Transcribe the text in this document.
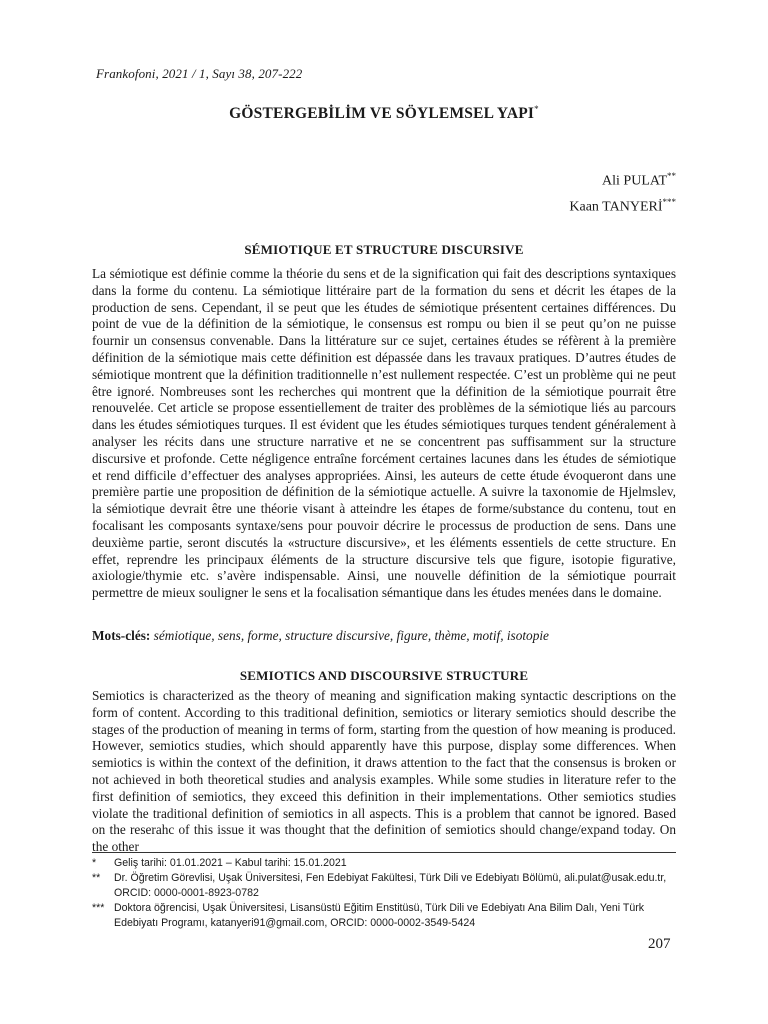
Frankofoni, 2021 / 1, Sayı 38, 207-222
GÖSTERGEBİLİM VE SÖYLEMSEL YAPI*
Ali PULAT**
Kaan TANYERİ***
SÉMIOTIQUE ET STRUCTURE DISCURSIVE

La sémiotique est définie comme la théorie du sens et de la signification qui fait des descriptions syntaxiques dans la forme du contenu. La sémiotique littéraire part de la formation du sens et décrit les étapes de la production de sens. Cependant, il se peut que les études de sémiotique présentent certaines différences. Du point de vue de la définition de la sémiotique, le consensus est rompu ou bien il se peut qu’on ne puisse fournir un consensus convenable. Dans la littérature sur ce sujet, certaines études se réfèrent à la première définition de la sémiotique mais cette définition est dépassée dans les travaux pratiques. D’autres études de sémiotique montrent que la définition traditionnelle n’est nullement respectée. C’est un problème qui ne peut être ignoré. Nombreuses sont les recherches qui montrent que la définition de la sémiotique pourrait être renouvelée. Cet article se propose essentiellement de traiter des problèmes de la sémiotique liés au parcours dans les études sémiotiques turques. Il est évident que les études sémiotiques turques tendent généralement à analyser les récits dans une structure narrative et ne se concentrent pas suffisamment sur la structure discursive et profonde. Cette négligence entraîne forcément certaines lacunes dans les études de sémiotique et rend difficile d’effectuer des analyses appropriées. Ainsi, les auteurs de cette étude évoqueront dans une première partie une proposition de définition de la sémiotique actuelle. A suivre la taxonomie de Hjelmslev, la sémiotique devrait être une théorie visant à atteindre les étapes de forme/substance du contenu, tout en focalisant les composants syntaxe/sens pour pouvoir décrire le processus de production de sens. Dans une deuxième partie, seront discutés la «structure discursive», et les éléments essentiels de cette structure. En effet, reprendre les principaux éléments de la structure discursive tels que figure, isotopie figurative, axiologie/thymie etc. s’avère indispensable. Ainsi, une nouvelle définition de la sémiotique pourrait permettre de mieux souligner le sens et la focalisation sémantique dans les études menées dans le domaine.

Mots-clés: sémiotique, sens, forme, structure discursive, figure, thème, motif, isotopie
SEMIOTICS AND DISCOURSIVE STRUCTURE

Semiotics is characterized as the theory of meaning and signification making syntactic descriptions on the form of content. According to this traditional definition, semiotics or literary semiotics should describe the stages of the production of meaning in terms of form, starting from the question of how meaning is produced. However, semiotics studies, which should apparently have this purpose, display some differences. When semiotics is within the context of the definition, it draws attention to the fact that the consensus is broken or not achieved in both theoretical studies and analysis examples. While some studies in literature refer to the first definition of semiotics, they exceed this definition in their implementations. Other semiotics studies violate the traditional definition of semiotics in all aspects. This is a problem that cannot be ignored. Based on the reserahc of this issue it was thought that the definition of semiotics should change/expand today. On the other

*	Geliş tarihi: 01.01.2021 – Kabul tarihi: 15.01.2021
**	Dr. Öğretim Görevlisi, Uşak Üniversitesi, Fen Edebiyat Fakültesi, Türk Dili ve Edebiyatı Bölümü, ali.pulat@usak.edu.tr, ORCID: 0000-0001-8923-0782
*** Doktora öğrencisi, Uşak Üniversitesi, Lisansüstü Eğitim Enstitüsü, Türk Dili ve Edebiyatı Ana Bilim Dalı, Yeni Türk Edebiyatı Programı, katanyeri91@gmail.com, ORCID: 0000-0002-3549-5424
207
